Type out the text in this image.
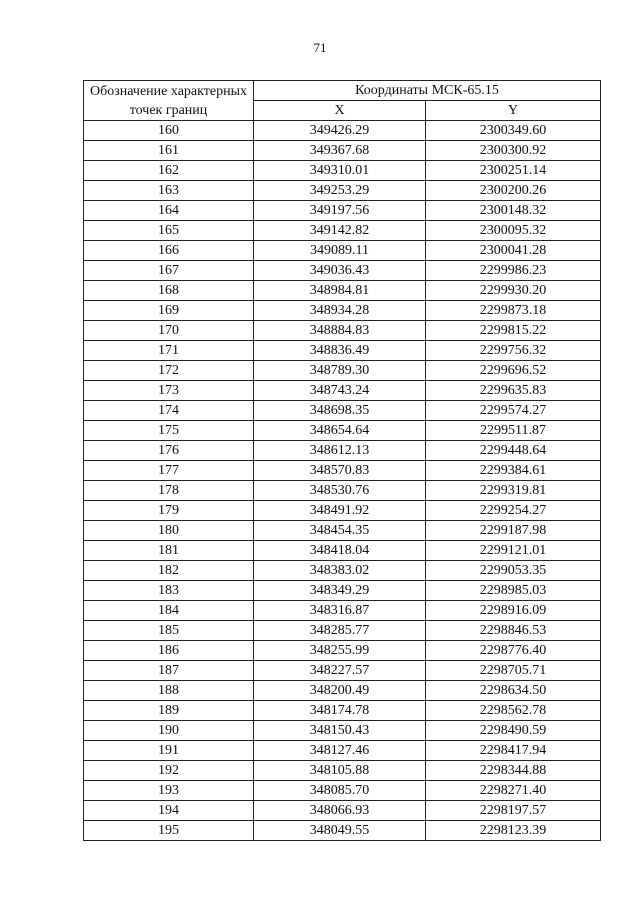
71
Обозначение характерных
точек границ	Координаты МСК-65.15	
	X	Y
160	349426.29	2300349.60
161	349367.68	2300300.92
162	349310.01	2300251.14
163	349253.29	2300200.26
164	349197.56	2300148.32
165	349142.82	2300095.32
166	349089.11	2300041.28
167	349036.43	2299986.23
168	348984.81	2299930.20
169	348934.28	2299873.18
170	348884.83	2299815.22
171	348836.49	2299756.32
172	348789.30	2299696.52
173	348743.24	2299635.83
174	348698.35	2299574.27
175	348654.64	2299511.87
176	348612.13	2299448.64
177	348570.83	2299384.61
178	348530.76	2299319.81
179	348491.92	2299254.27
180	348454.35	2299187.98
181	348418.04	2299121.01
182	348383.02	2299053.35
183	348349.29	2298985.03
184	348316.87	2298916.09
185	348285.77	2298846.53
186	348255.99	2298776.40
187	348227.57	2298705.71
188	348200.49	2298634.50
189	348174.78	2298562.78
190	348150.43	2298490.59
191	348127.46	2298417.94
192	348105.88	2298344.88
193	348085.70	2298271.40
194	348066.93	2298197.57
195	348049.55	2298123.39
